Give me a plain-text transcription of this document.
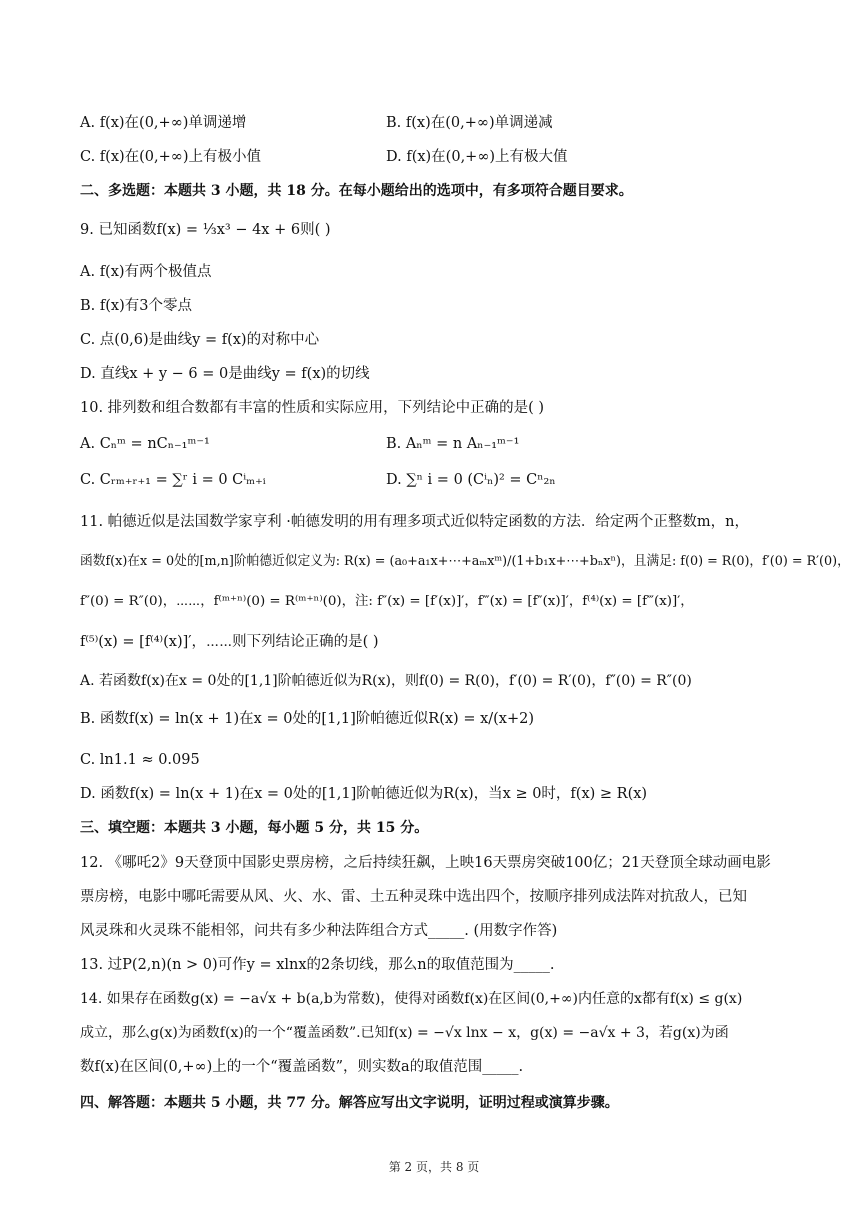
A. f(x)在(0,+∞)单调递增	B. f(x)在(0,+∞)单调递减
C. f(x)在(0,+∞)上有极小值	D. f(x)在(0,+∞)上有极大值
二、多选题：本题共 3 小题，共 18 分。在每小题给出的选项中，有多项符合题目要求。
9. 已知函数f(x) = ⅓x³ − 4x + 6则( )
A. f(x)有两个极值点
B. f(x)有3个零点
C. 点(0,6)是曲线y = f(x)的对称中心
D. 直线x + y − 6 = 0是曲线y = f(x)的切线
10. 排列数和组合数都有丰富的性质和实际应用，下列结论中正确的是( )
A. Cₙᵐ = nCₙ₋₁ᵐ⁻¹	B. Aₙᵐ = n Aₙ₋₁ᵐ⁻¹
C. Cᵣₘ₊ᵣ₊₁ = ∑ʳ i = 0 Cⁱₘ₊ᵢ	D. ∑ⁿ i = 0 (Cⁱₙ)² = Cⁿ₂ₙ
11. 帕德近似是法国数学家亨利 ·帕德发明的用有理多项式近似特定函数的方法．给定两个正整数m，n，
函数f(x)在x = 0处的[m,n]阶帕德近似定义为: R(x) = (a₀+a₁x+⋯+aₘxᵐ)/(1+b₁x+⋯+bₙxⁿ)，且满足: f(0) = R(0)，f′(0) = R′(0)，
f″(0) = R″(0)，⋯⋯，f⁽ᵐ⁺ⁿ⁾(0) = R⁽ᵐ⁺ⁿ⁾(0)，注: f″(x) = [f′(x)]′，f‴(x) = [f″(x)]′，f⁽⁴⁾(x) = [f‴(x)]′，
f⁽⁵⁾(x) = [f⁽⁴⁾(x)]′，⋯⋯则下列结论正确的是( )
A. 若函数f(x)在x = 0处的[1,1]阶帕德近似为R(x)，则f(0) = R(0)，f′(0) = R′(0)，f″(0) = R″(0)
B. 函数f(x) = ln(x + 1)在x = 0处的[1,1]阶帕德近似R(x) = x/(x+2)
C. ln1.1 ≈ 0.095
D. 函数f(x) = ln(x + 1)在x = 0处的[1,1]阶帕德近似为R(x)，当x ≥ 0时，f(x) ≥ R(x)
三、填空题：本题共 3 小题，每小题 5 分，共 15 分。
12. 《哪吒2》9天登顶中国影史票房榜，之后持续狂飙，上映16天票房突破100亿；21天登顶全球动画电影
票房榜，电影中哪吒需要从风、火、水、雷、土五种灵珠中选出四个，按顺序排列成法阵对抗敌人，已知
风灵珠和火灵珠不能相邻，问共有多少种法阵组合方式_____. (用数字作答)
13. 过P(2,n)(n > 0)可作y = xlnx的2条切线，那么n的取值范围为_____.
14. 如果存在函数g(x) = −a√x + b(a,b为常数)，使得对函数f(x)在区间(0,+∞)内任意的x都有f(x) ≤ g(x)
成立，那么g(x)为函数f(x)的一个“覆盖函数”.已知f(x) = −√x lnx − x，g(x) = −a√x + 3，若g(x)为函
数f(x)在区间(0,+∞)上的一个“覆盖函数”，则实数a的取值范围_____.
四、解答题：本题共 5 小题，共 77 分。解答应写出文字说明，证明过程或演算步骤。
第 2 页，共 8 页
